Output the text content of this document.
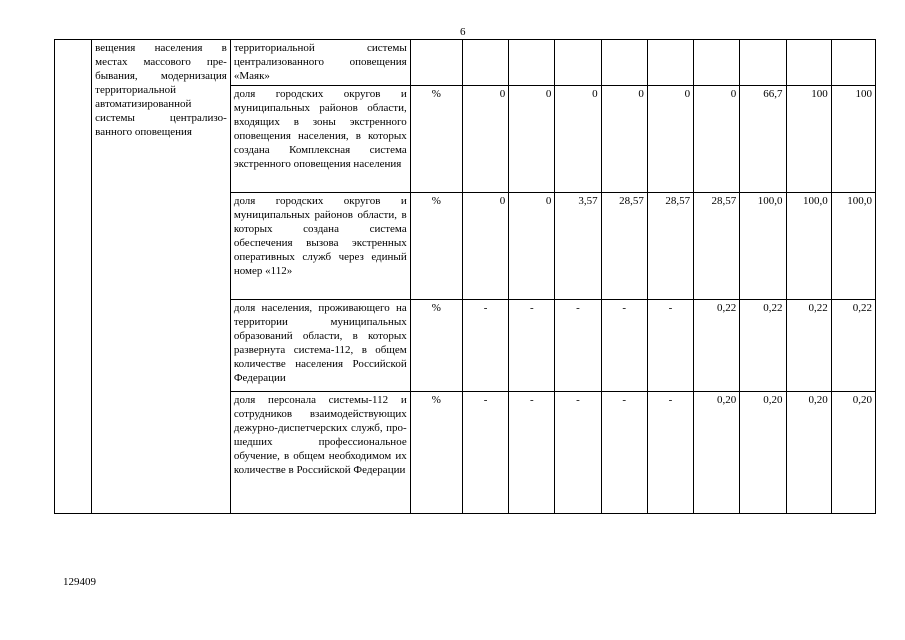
6
	вещения населения в местах массового пребывания, модернизация территориальной автоматизированной системы централизованного оповещения	территориальной системы централизованного оповещения «Маяк»										
		доля городских округов и муниципальных районов области, входящих в зоны экстренного оповещения населения, в которых создана Комплексная система экстренного оповещения населения	%	0	0	0	0	0	0	66,7	100	100
		доля городских округов и муниципальных районов области, в которых создана система обеспечения вызова экстренных оперативных служб через единый номер «112»	%	0	0	3,57	28,57	28,57	28,57	100,0	100,0	100,0
		доля населения, проживающего на территории муниципальных образований области, в которых развернута система-112, в общем количестве населения Российской Федерации	%	-	-	-	-	-	0,22	0,22	0,22	0,22
		доля персонала системы-112 и сотрудников взаимодействующих дежурно-диспетчерских служб, прошедших профессиональное обучение, в общем необходимом их количестве в Российской Федерации	%	-	-	-	-	-	0,20	0,20	0,20	0,20
129409
